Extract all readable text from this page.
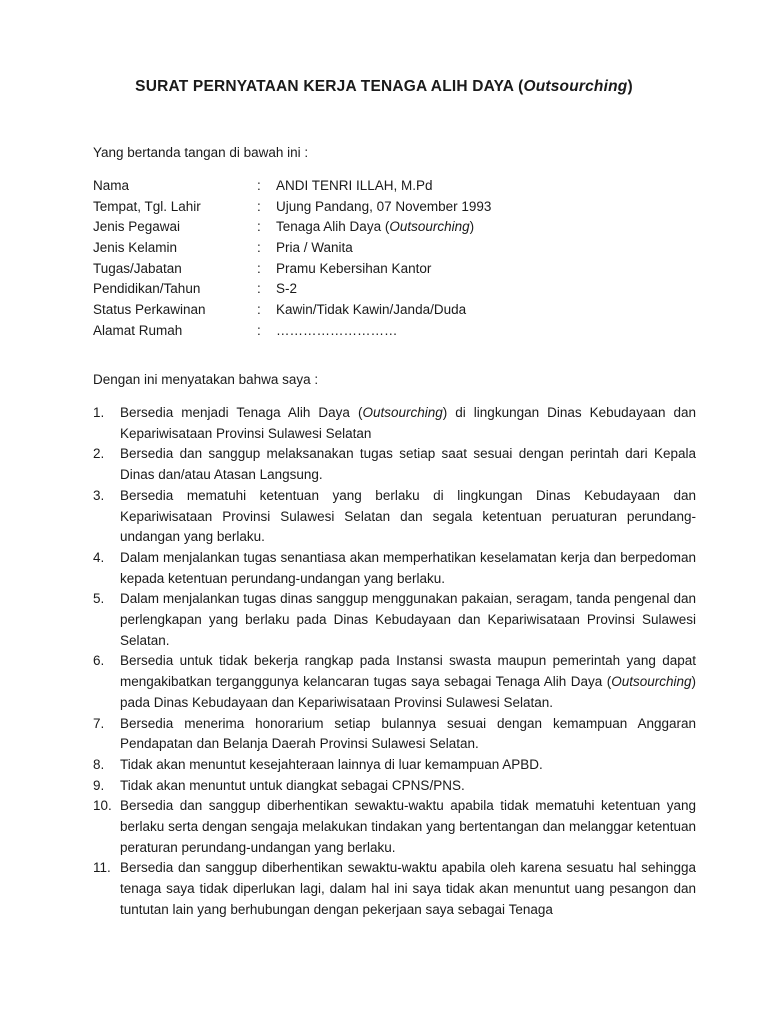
SURAT PERNYATAAN KERJA TENAGA ALIH DAYA (Outsourching)
Yang bertanda tangan di bawah ini :
Nama	: ANDI TENRI ILLAH, M.Pd
Tempat, Tgl. Lahir	: Ujung Pandang, 07 November 1993
Jenis Pegawai	: Tenaga Alih Daya (Outsourching)
Jenis Kelamin	: Pria / Wanita
Tugas/Jabatan	: Pramu Kebersihan Kantor
Pendidikan/Tahun	: S-2
Status Perkawinan	: Kawin/Tidak Kawin/Janda/Duda
Alamat Rumah	: ………………………
Dengan ini menyatakan bahwa saya :
1. Bersedia menjadi Tenaga Alih Daya (Outsourching) di lingkungan Dinas Kebudayaan dan Kepariwisataan Provinsi Sulawesi Selatan
2. Bersedia dan sanggup melaksanakan tugas setiap saat sesuai dengan perintah dari Kepala Dinas dan/atau Atasan Langsung.
3. Bersedia mematuhi ketentuan yang berlaku di lingkungan Dinas Kebudayaan dan Kepariwisataan Provinsi Sulawesi Selatan dan segala ketentuan peruaturan perundang-undangan yang berlaku.
4. Dalam menjalankan tugas senantiasa akan memperhatikan keselamatan kerja dan berpedoman kepada ketentuan perundang-undangan yang berlaku.
5. Dalam menjalankan tugas dinas sanggup menggunakan pakaian, seragam, tanda pengenal dan perlengkapan yang berlaku pada Dinas Kebudayaan dan Kepariwisataan Provinsi Sulawesi Selatan.
6. Bersedia untuk tidak bekerja rangkap pada Instansi swasta maupun pemerintah yang dapat mengakibatkan terganggunya kelancaran tugas saya sebagai Tenaga Alih Daya (Outsourching) pada Dinas Kebudayaan dan Kepariwisataan Provinsi Sulawesi Selatan.
7. Bersedia menerima honorarium setiap bulannya sesuai dengan kemampuan Anggaran Pendapatan dan Belanja Daerah Provinsi Sulawesi Selatan.
8. Tidak akan menuntut kesejahteraan lainnya di luar kemampuan APBD.
9. Tidak akan menuntut untuk diangkat sebagai CPNS/PNS.
10. Bersedia dan sanggup diberhentikan sewaktu-waktu apabila tidak mematuhi ketentuan yang berlaku serta dengan sengaja melakukan tindakan yang bertentangan dan melanggar ketentuan peraturan perundang-undangan yang berlaku.
11. Bersedia dan sanggup diberhentikan sewaktu-waktu apabila oleh karena sesuatu hal sehingga tenaga saya tidak diperlukan lagi, dalam hal ini saya tidak akan menuntut uang pesangon dan tuntutan lain yang berhubungan dengan pekerjaan saya sebagai Tenaga
